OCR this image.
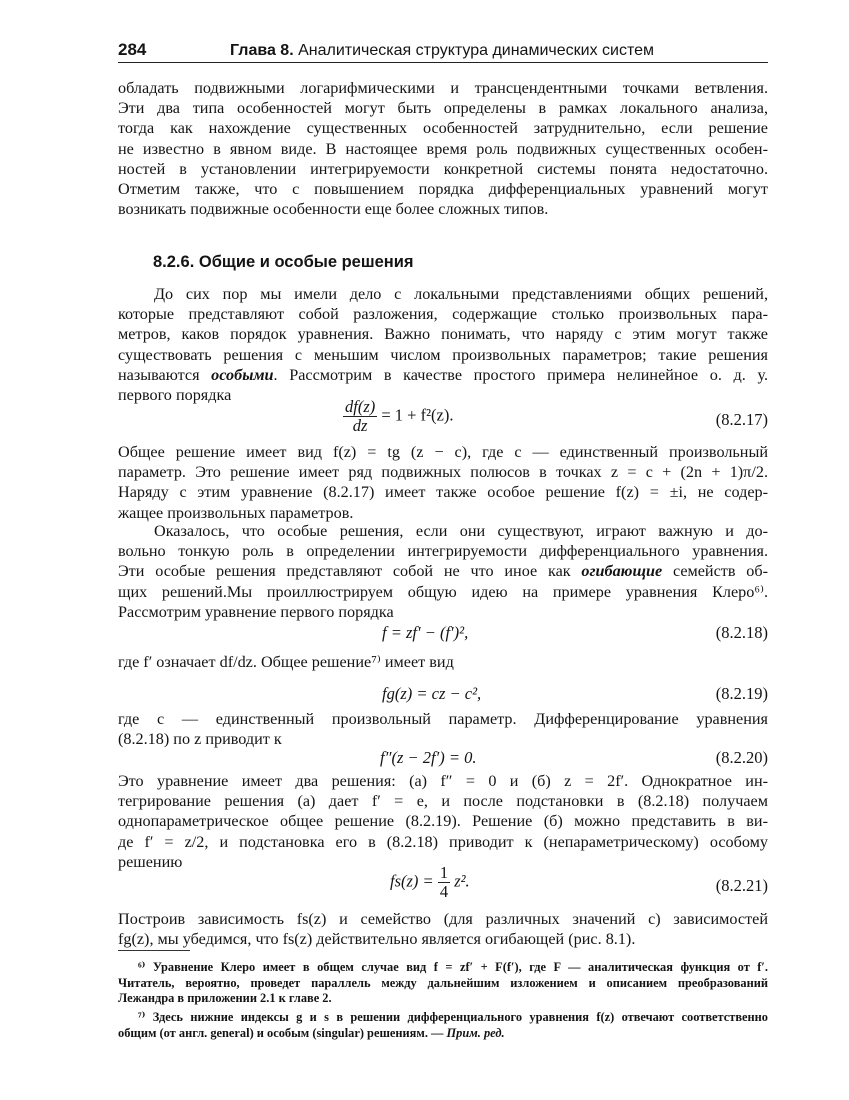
284	Глава 8. Аналитическая структура динамических систем
обладать подвижными логарифмическими и трансцендентными точками ветвления.
Эти два типа особенностей могут быть определены в рамках локального анализа,
тогда как нахождение существенных особенностей затруднительно, если решение
не известно в явном виде. В настоящее время роль подвижных существенных особен-
ностей в установлении интегрируемости конкретной системы понята недостаточно.
Отметим также, что с повышением порядка дифференциальных уравнений могут
возникать подвижные особенности еще более сложных типов.
8.2.6. Общие и особые решения
До сих пор мы имели дело с локальными представлениями общих решений,
которые представляют собой разложения, содержащие столько произвольных пара-
метров, каков порядок уравнения. Важно понимать, что наряду с этим могут также
существовать решения с меньшим числом произвольных параметров; такие решения
называются особыми. Рассмотрим в качестве простого примера нелинейное о. д. у.
первого порядка
$\frac{df(z)}{dz} = 1 + f^2(z)$.	(8.2.17)
Общее решение имеет вид f(z) = tg (z − c), где c — единственный произвольный
параметр. Это решение имеет ряд подвижных полюсов в точках z = c + (2n + 1)π/2.
Наряду с этим уравнение (8.2.17) имеет также особое решение f(z) = ±i, не содер-
жащее произвольных параметров.
Оказалось, что особые решения, если они существуют, играют важную и до-
вольно тонкую роль в определении интегрируемости дифференциального уравнения.
Эти особые решения представляют собой не что иное как огибающие семейств об-
щих решений.Мы проиллюстрируем общую идею на примере уравнения Клеро⁶⁾.
Рассмотрим уравнение первого порядка
f = zf′ − (f′)²,	(8.2.18)
где f′ означает df/dz. Общее решение⁷⁾ имеет вид
fg(z) = cz − c²,	(8.2.19)
где c — единственный произвольный параметр. Дифференцирование уравнения
(8.2.18) по z приводит к
f″(z − 2f′) = 0.	(8.2.20)
Это уравнение имеет два решения: (а) f″ = 0 и (б) z = 2f′. Однократное ин-
тегрирование решения (а) дает f′ = e, и после подстановки в (8.2.18) получаем
однопараметрическое общее решение (8.2.19). Решение (б) можно представить в ви-
де f′ = z/2, и подстановка его в (8.2.18) приводит к (непараметрическому) особому
решению
$fs(z) = \frac{1}{4} z^2$.	(8.2.21)
Построив зависимость fs(z) и семейство (для различных значений c) зависимостей
fg(z), мы убедимся, что fs(z) действительно является огибающей (рис. 8.1).
⁶⁾ Уравнение Клеро имеет в общем случае вид f = zf′ + F(f′), где F — аналитическая функция от f′.
Читатель, вероятно, проведет параллель между дальнейшим изложением и описанием преобразований
Лежандра в приложении 2.1 к главе 2.
⁷⁾ Здесь нижние индексы g и s в решении дифференциального уравнения f(z) отвечают соответственно
общим (от англ. general) и особым (singular) решениям. — Прим. ред.
